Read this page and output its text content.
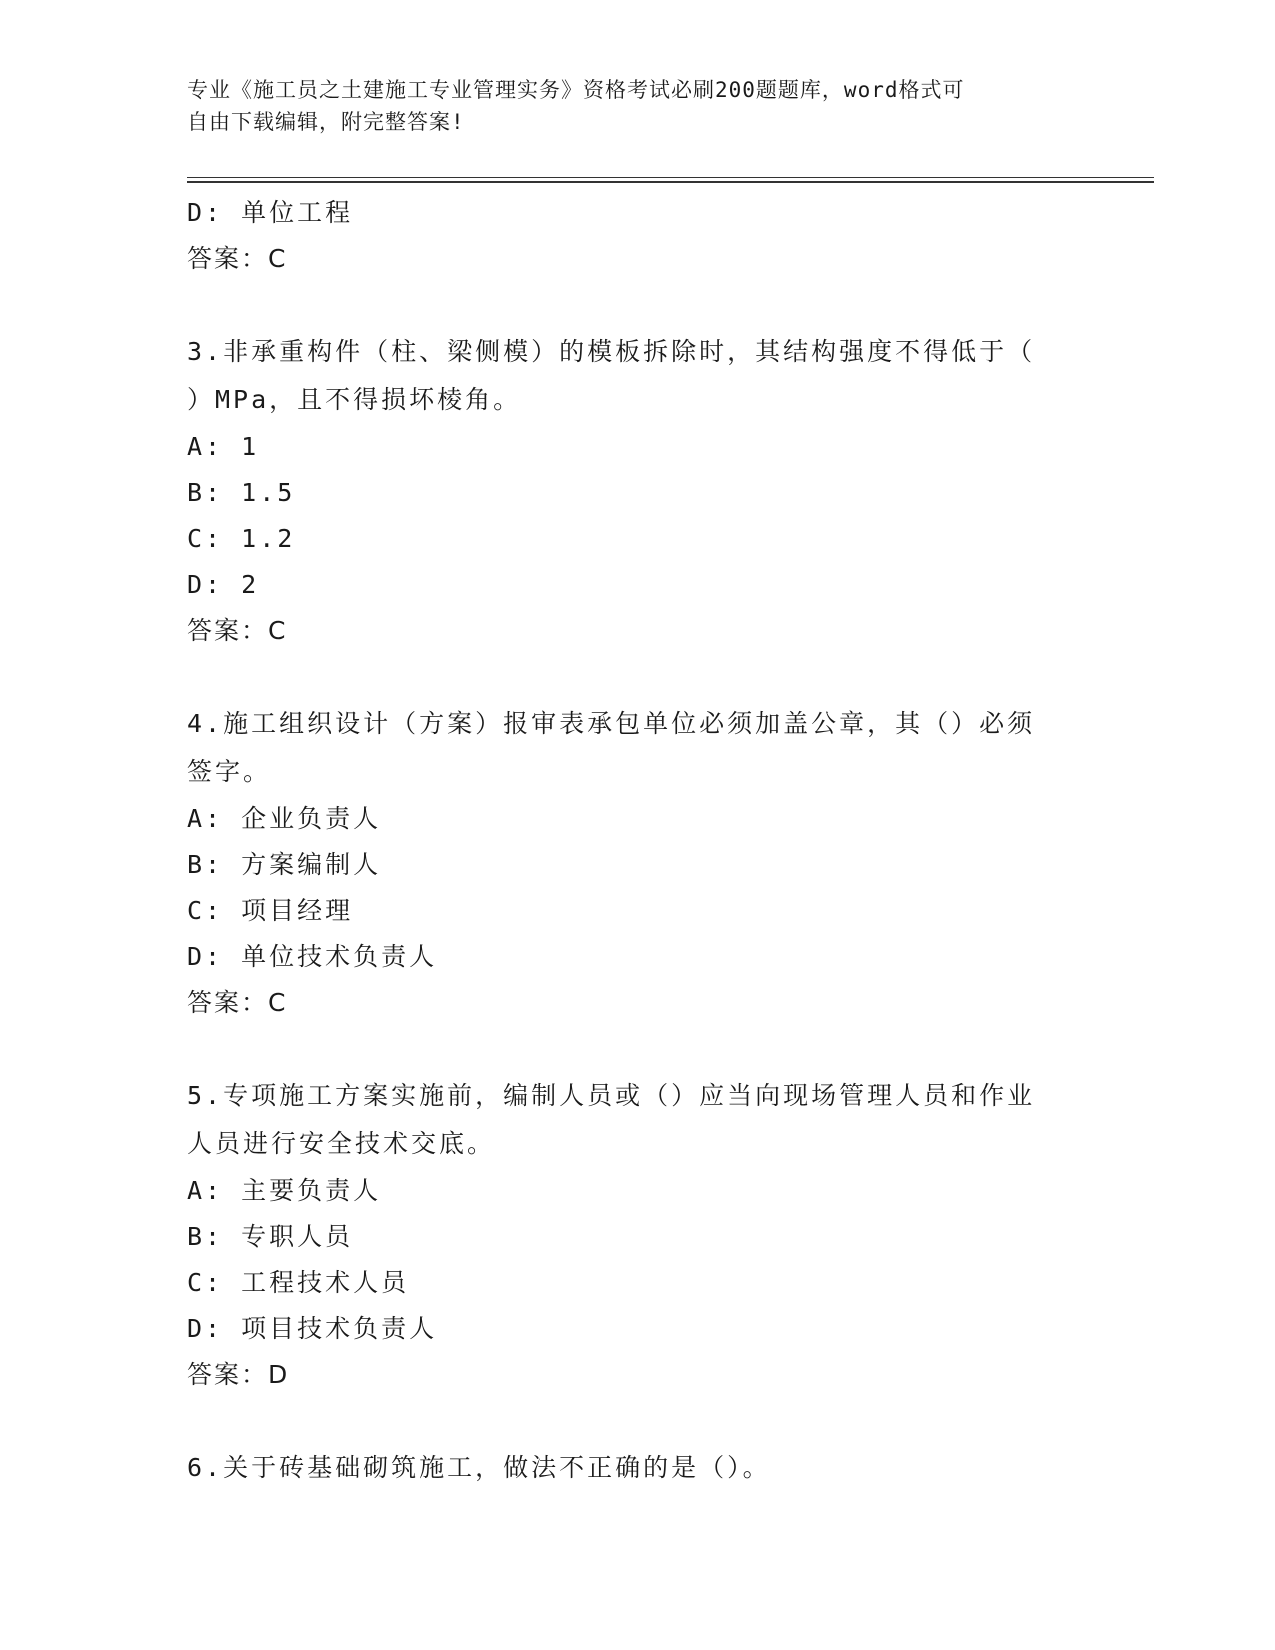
专业《施工员之土建施工专业管理实务》资格考试必刷200题题库，word格式可
自由下载编辑，附完整答案!
D: 单位工程
答案：C
3.非承重构件（柱、梁侧模）的模板拆除时，其结构强度不得低于（
）MPa，且不得损坏棱角。
A: 1
B: 1.5
C: 1.2
D: 2
答案：C
4.施工组织设计（方案）报审表承包单位必须加盖公章，其（）必须
签字。
A: 企业负责人
B: 方案编制人
C: 项目经理
D: 单位技术负责人
答案：C
5.专项施工方案实施前，编制人员或（）应当向现场管理人员和作业
人员进行安全技术交底。
A: 主要负责人
B: 专职人员
C: 工程技术人员
D: 项目技术负责人
答案：D
6.关于砖基础砌筑施工，做法不正确的是（）。
